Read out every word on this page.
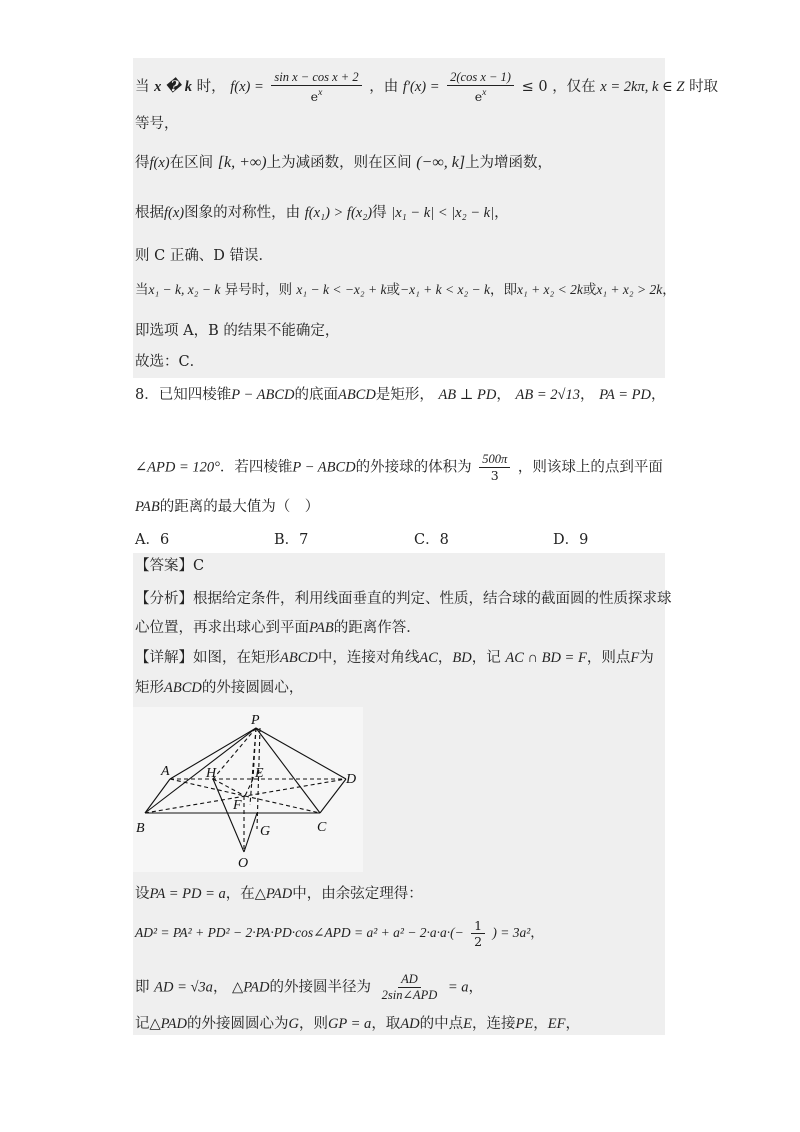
当 x � k 时， $f(x) = \frac{\text{sin x − cos x + 2}}{e^x}$ ，由 $f'(x) = \frac{\text{2(cos x − 1)}}{e^x} \le 0$ ，仅在 x = 2kπ, k ∈ Z 时取
等号，
得f(x)在区间 [k, +∞)上为减函数，则在区间 (−∞, k]上为增函数，
根据f(x)图象的对称性，由 f(x₁) > f(x₂)得 |x₁ − k| < |x₂ − k|，
则 C 正确、D 错误．
当x₁ − k, x₂ − k 异号时，则 x₁ − k < −x₂ + k或−x₁ + k < x₂ − k，即x₁ + x₂ < 2k或x₁ + x₂ > 2k，
即选项 A，B 的结果不能确定，
故选：C．
8．已知四棱锥P − ABCD的底面ABCD是矩形， AB ⊥ PD， AB = 2√13， PA = PD，
∠APD = 120°．若四棱锥P − ABCD的外接球的体积为 $\frac{500\pi}{3}$ ，则该球上的点到平面
PAB的距离的最大值为（　）
A．6	B．7	C．8	D．9
【答案】C
【分析】根据给定条件，利用线面垂直的判定、性质，结合球的截面圆的性质探求球
心位置，再求出球心到平面PAB的距离作答．
【详解】如图，在矩形ABCD中，连接对角线AC，BD，记 AC ∩ BD = F，则点F为
矩形ABCD的外接圆圆心，
P
A	H	E	D
F
B	G	C
O
设PA = PD = a，在△PAD中，由余弦定理得：
AD² = PA² + PD² − 2·PA·PD·cos∠APD = $a^2 + a^2 - 2\cdot a\cdot a\cdot(- \frac{1}{2}$ ) = 3a²，
即 AD = √3a， △PAD的外接圆半径为 $\frac{AD}{\text{2sin∠APD}} = a$，
记△PAD的外接圆圆心为G，则GP = a，取AD的中点E，连接PE，EF，
